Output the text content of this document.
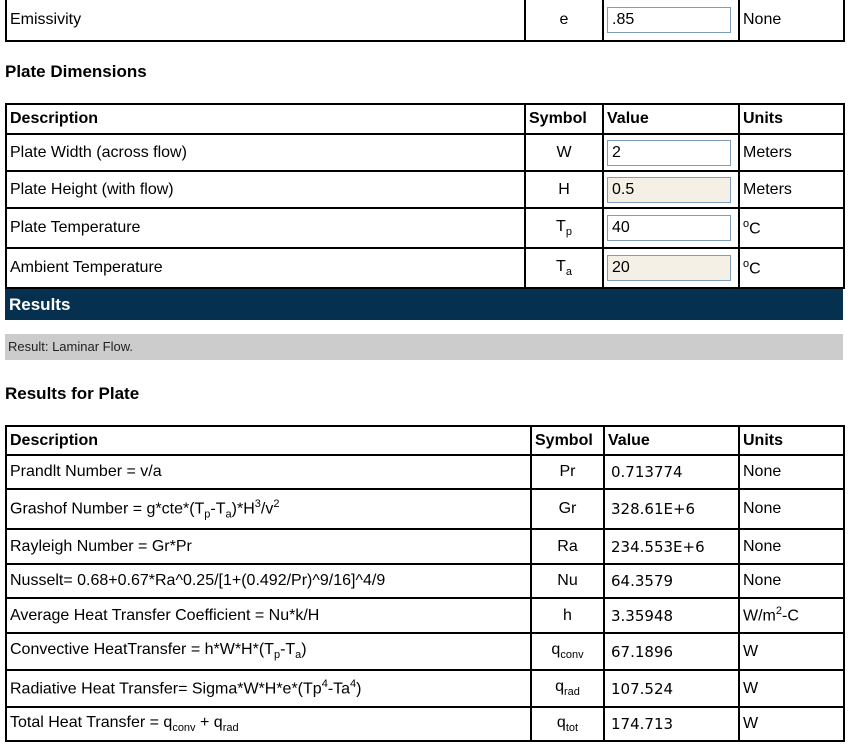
Emissivity	e	.85	None
Plate Dimensions
Description	Symbol	Value	Units
Plate Width (across flow)	W	2	Meters
Plate Height (with flow)	H	0.5	Meters
Plate Temperature	$T_p$	40	$^o$C
Ambient Temperature	$T_a$	20	$^o$C
Results
Result: Laminar Flow.
Results for Plate
Description	Symbol	Value	Units
Prandlt Number = v/a	Pr	0.713774	None
Grashof Number = $g*cte*(T_p-T_a)*H^3/v^2$	Gr	328.61E+6	None
Rayleigh Number = Gr*Pr	Ra	234.553E+6	None
Nusselt= 0.68+0.67*Ra^0.25/[1+(0.492/Pr)^9/16]^4/9	Nu	64.3579	None
Average Heat Transfer Coefficient = Nu*k/H	h	3.35948	$W/m^2-C$
Convective HeatTransfer = $h*W*H*(T_p-T_a)$	$q_{conv}$	67.1896	W
Radiative Heat Transfer= $Sigma*W*H*e*(Tp^4-Ta^4)$	$q_{rad}$	107.524	W
Total Heat Transfer = $q_{conv} + q_{rad}$	$q_{tot}$	174.713	W
